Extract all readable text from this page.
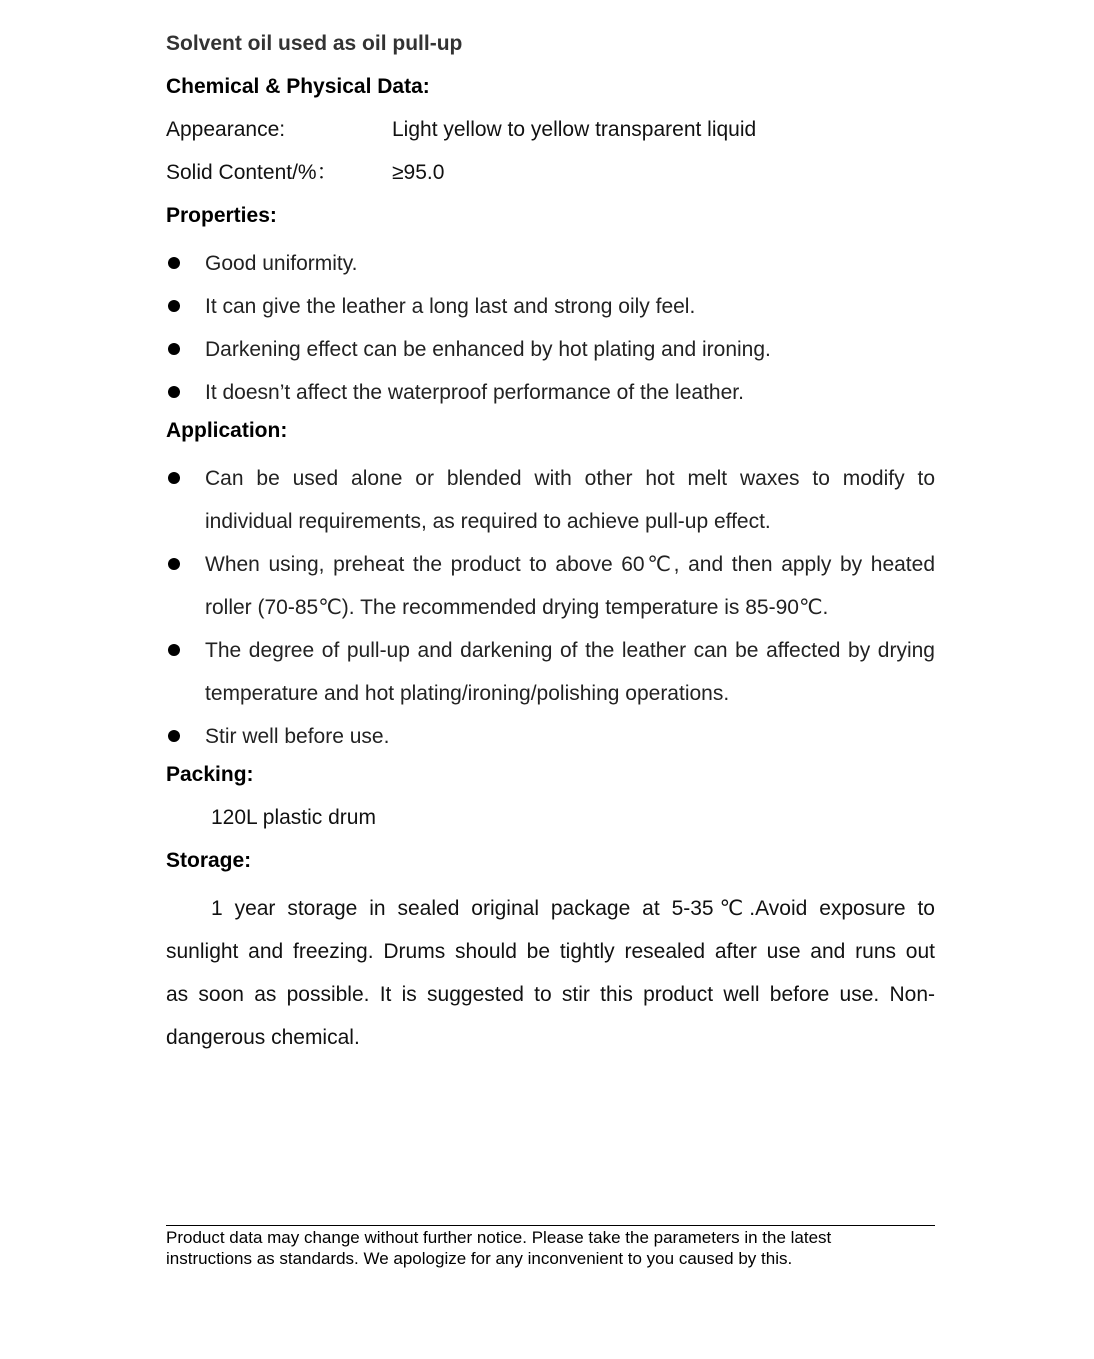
Solvent oil used as oil pull-up
Chemical & Physical Data:
Appearance:	Light yellow to yellow transparent liquid
Solid Content/%：	≥95.0
Properties:
Good uniformity.
It can give the leather a long last and strong oily feel.
Darkening effect can be enhanced by hot plating and ironing.
It doesn’t affect the waterproof performance of the leather.
Application:
Can be used alone or blended with other hot melt waxes to modify to
individual requirements, as required to achieve pull-up effect.
When using, preheat the product to above 60℃, and then apply by heated
roller (70-85℃). The recommended drying temperature is 85-90℃.
The degree of pull-up and darkening of the leather can be affected by drying
temperature and hot plating/ironing/polishing operations.
Stir well before use.
Packing:
120L plastic drum
Storage:
1 year storage in sealed original package at 5-35℃.Avoid exposure to
sunlight and freezing. Drums should be tightly resealed after use and runs out
as soon as possible. It is suggested to stir this product well before use. Non-
dangerous chemical.

Product data may change without further notice. Please take the parameters in the latest

instructions as standards. We apologize for any inconvenient to you caused by this.
